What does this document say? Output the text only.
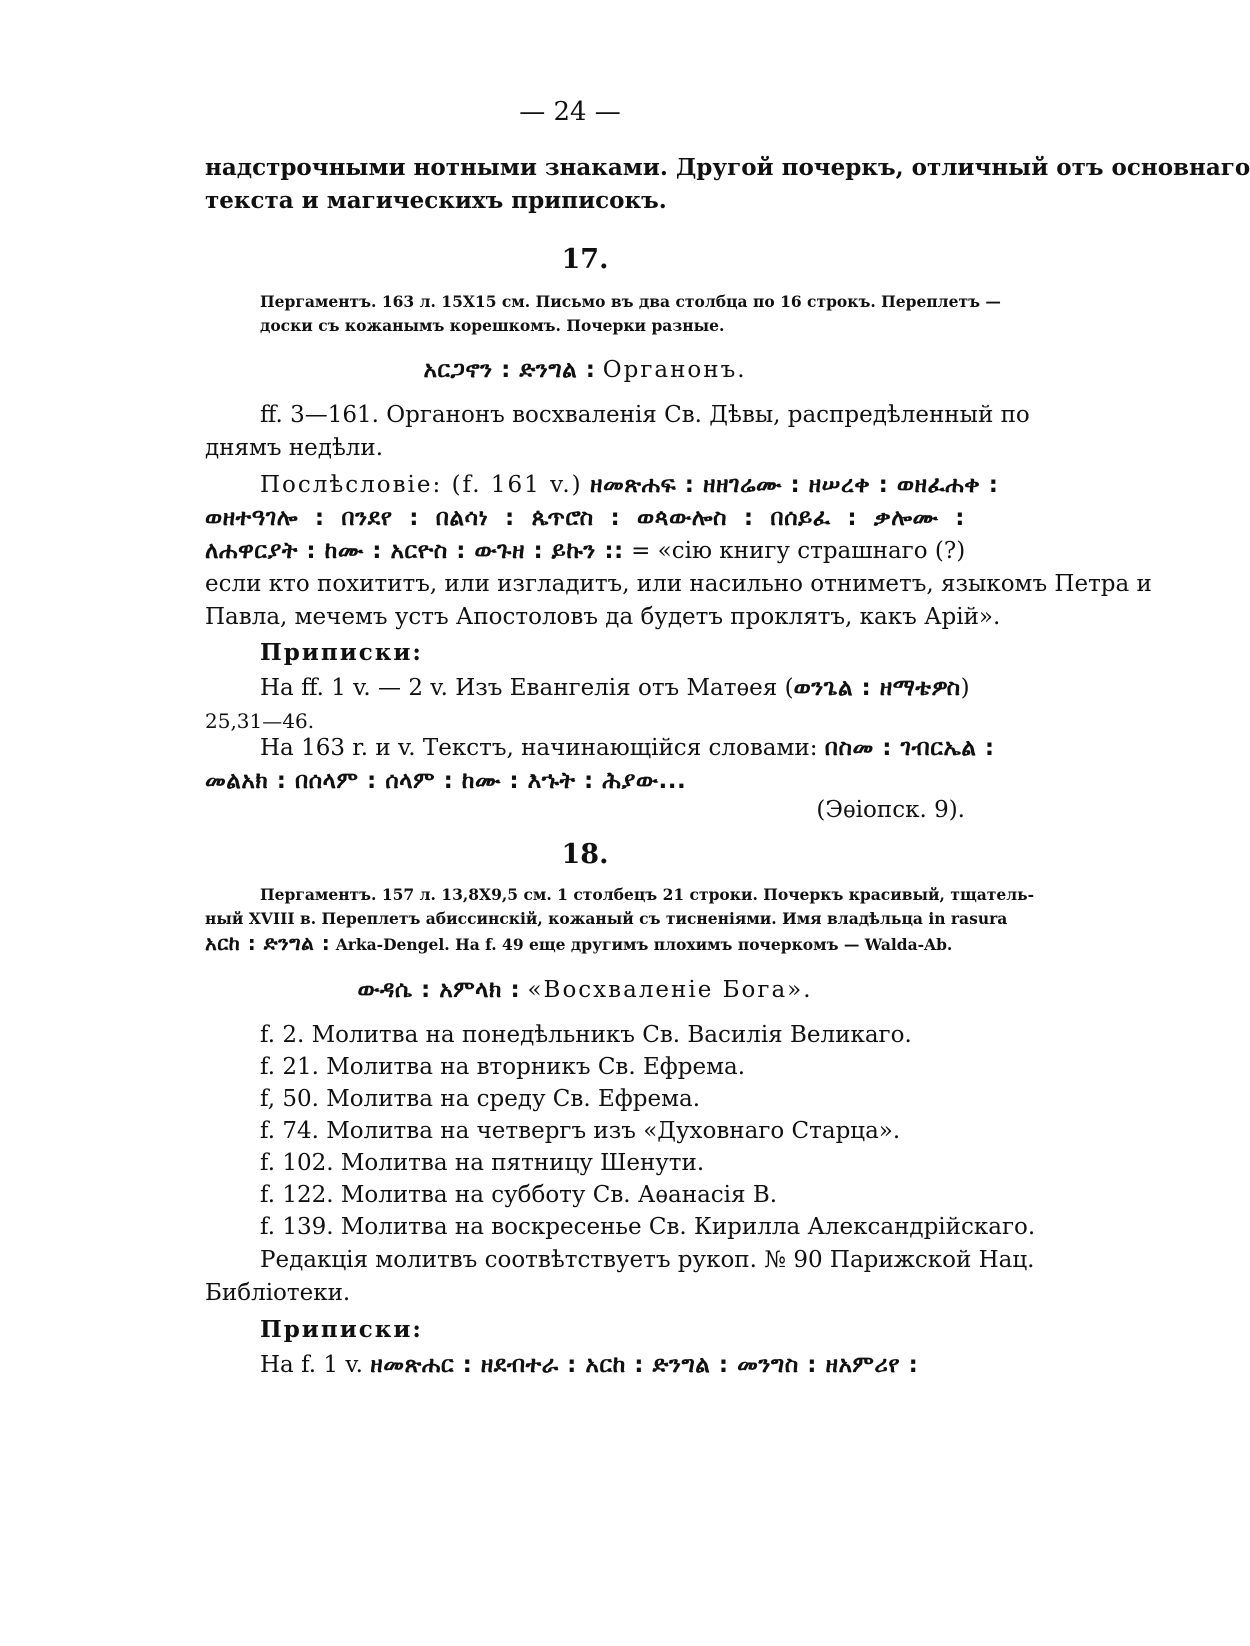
— 24 —
надстрочными нотными знаками. Другой почеркъ, отличный отъ основнаго
текста и магическихъ приписокъ.
17.
Пергаментъ. 163 л. 15X15 см. Письмо въ два столбца по 16 строкъ. Переплетъ —
доски съ кожанымъ корешкомъ. Почерки разные.
አርጋኖን : ድንግል : Органонъ.
ff. 3—161. Органонъ восхваленія Св. Дѣвы, распредѣленный по
днямъ недѣли.
Послѣсловіе: (f. 161 v.) ዘመጽሐፍ : ዘዘገሬሙ : ዘሠረቀ : ወዘፈሐቀ :
ወዘተዓገሎ : በንደየ : በልሳነ : ጴጥሮስ : ወጳውሎስ : በሰይፈ : ቃሎሙ :
ለሐዋርያት : ከሙ : አርዮስ : ውጉዘ : ይኩን :: = «сію книгу страшнаго (?)
если кто похититъ, или изгладитъ, или насильно отниметъ, языкомъ Петра и
Павла, мечемъ устъ Апостоловъ да будетъ проклятъ, какъ Арій».
Приписки:
На ff. 1 v. — 2 v. Изъ Евангелія отъ Матѳея (ወንጌል : ዘማቴዎስ)
25,31—46.
На 163 r. и v. Текстъ, начинающійся словами: በስመ : ገብርኤል :
መልአክ : በሰላም : ሰላም : ከሙ : እኁት : ሕያው...
(Эѳіопск. 9).
18.
Пергаментъ. 157 л. 13,8X9,5 см. 1 столбецъ 21 строки. Почеркъ красивый, тщатель-
ный XVIII в. Переплетъ абиссинскій, кожаный съ тисненіями. Имя владѣльца in rasura
አርከ : ድንግል : Arka-Dengel. На f. 49 еще другимъ плохимъ почеркомъ — Walda-Ab.
ውዳሴ : አምላክ : «Восхваленіе Бога».
f. 2. Молитва на понедѣльникъ Св. Василія Великаго.
f. 21. Молитва на вторникъ Св. Ефрема.
f, 50. Молитва на среду Св. Ефрема.
f. 74. Молитва на четвергъ изъ «Духовнаго Старца».
f. 102. Молитва на пятницу Шенути.
f. 122. Молитва на субботу Св. Аѳанасія В.
f. 139. Молитва на воскресенье Св. Кирилла Александрійскаго.
Редакція молитвъ соотвѣтствуетъ рукоп. № 90 Парижской Нац.
Библіотеки.
Приписки:
На f. 1 v. ዘመጽሐር : ዘደብተራ : አርከ : ድንግል : መንግስ : ዘአምሪየ :
